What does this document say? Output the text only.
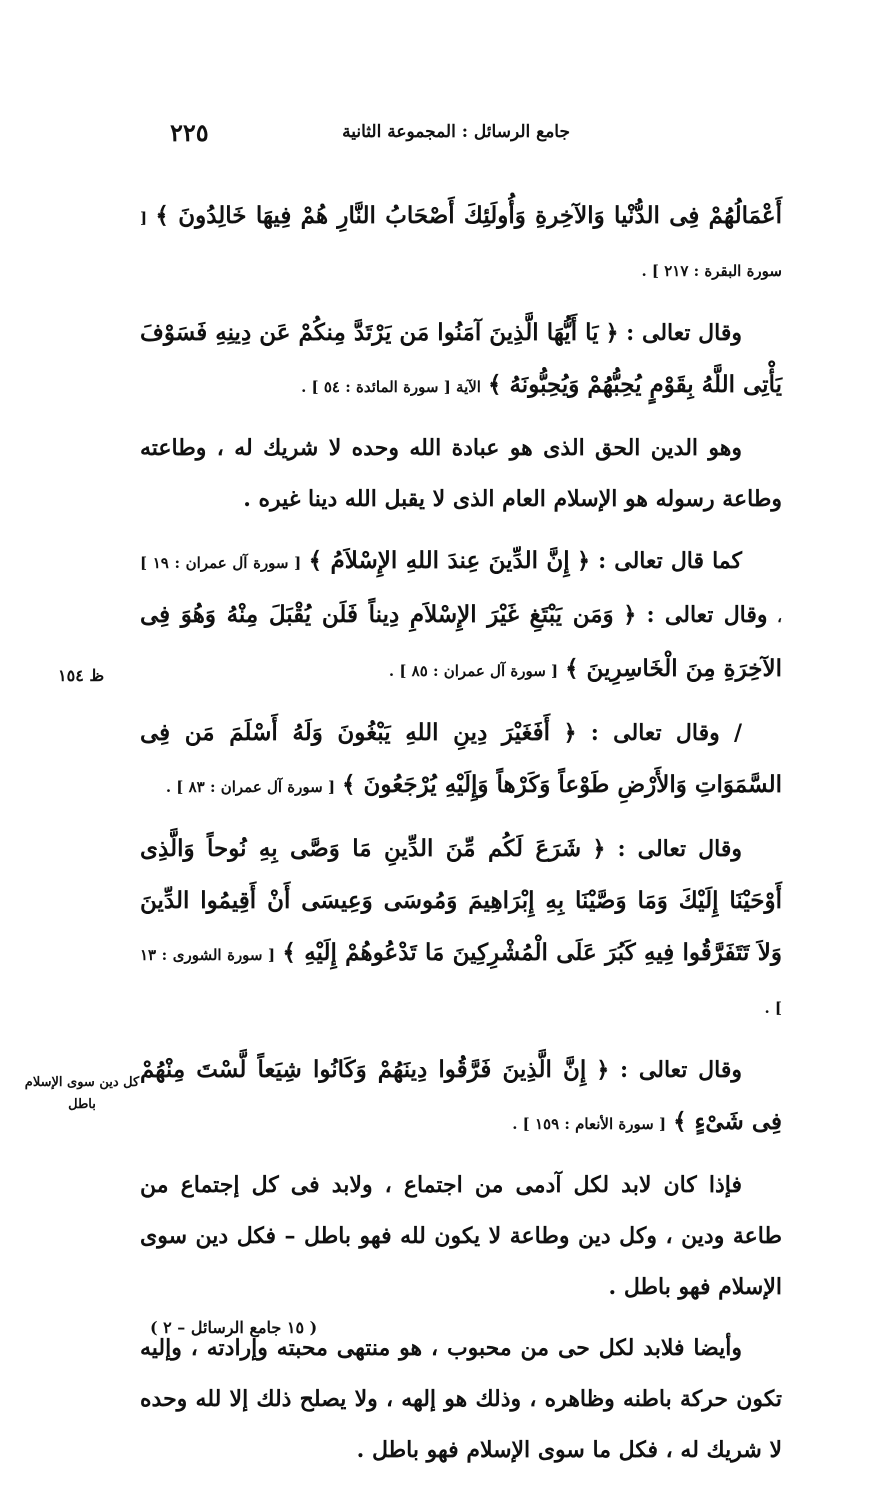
٢٢٥	جامع الرسائل : المجموعة الثانية

أَعْمَالُهُمْ فِى الدُّنْيا وَالآخِرةِ وَأُولَئِكَ أَصْحَابُ النَّارِ هُمْ فِيهَا خَالِدُونَ ﴾ [ سورة البقرة : ٢١٧ ] .

وقال تعالى : ﴿ يَا أَيُّهَا الَّذِينَ آمَنُوا مَن يَرْتَدَّ مِنكُمْ عَن دِينِهِ فَسَوْفَ يَأْتِى اللَّهُ بِقَوْمٍ يُحِبُّهُمْ وَيُحِبُّونَهُ ﴾ الآية [ سورة المائدة : ٥٤ ] .

وهو الدين الحق الذى هو عبادة الله وحده لا شريك له ، وطاعته وطاعة رسوله هو الإسلام العام الذى لا يقبل الله دينا غيره .

كما قال تعالى : ﴿ إِنَّ الدِّينَ عِندَ اللهِ الإِسْلاَمُ ﴾ [ سورة آل عمران : ١٩ ] ، وقال تعالى : ﴿ وَمَن يَبْتَغِ غَيْرَ الإِسْلاَمِ دِيناً فَلَن يُقْبَلَ مِنْهُ وَهُوَ فِى الآخِرَةِ مِنَ الْخَاسِرِينَ ﴾ [ سورة آل عمران : ٨٥ ] .

/ وقال تعالى : ﴿ أَفَغَيْرَ دِينِ اللهِ يَبْغُونَ وَلَهُ أَسْلَمَ مَن فِى السَّمَوَاتِ وَالأَرْضِ طَوْعاً وَكَرْهاً وَإِلَيْهِ يُرْجَعُونَ ﴾ [ سورة آل عمران : ٨٣ ] .

وقال تعالى : ﴿ شَرَعَ لَكُم مِّنَ الدِّينِ مَا وَصَّى بِهِ نُوحاً وَالَّذِى أَوْحَيْنَا إِلَيْكَ وَمَا وَصَّيْنَا بِهِ إِبْرَاهِيمَ وَمُوسَى وَعِيسَى أَنْ أَقِيمُوا الدِّينَ وَلاَ تَتَفَرَّقُوا فِيهِ كَبُرَ عَلَى الْمُشْرِكِينَ مَا تَدْعُوهُمْ إِلَيْهِ ﴾ [ سورة الشورى : ١٣ ] .

وقال تعالى : ﴿ إِنَّ الَّذِينَ فَرَّقُوا دِينَهُمْ وَكَانُوا شِيَعاً لَّسْتَ مِنْهُمْ فِى شَىْءٍ ﴾ [ سورة الأنعام : ١٥٩ ] .

فإذا كان لابد لكل آدمى من اجتماع ، ولابد فى كل إجتماع من طاعة ودين ، وكل دين وطاعة لا يكون لله فهو باطل – فكل دين سوى الإسلام فهو باطل .

وأيضا فلابد لكل حى من محبوب ، هو منتهى محبته وإرادته ، وإليه تكون حركة باطنه وظاهره ، وذلك هو إلهه ، ولا يصلح ذلك إلا لله وحده لا شريك له ، فكل ما سوى الإسلام فهو باطل .

ظ ١٥٤
كل دين سوى الإسلام باطل
( ١٥ جامع الرسائل – ٢ )
